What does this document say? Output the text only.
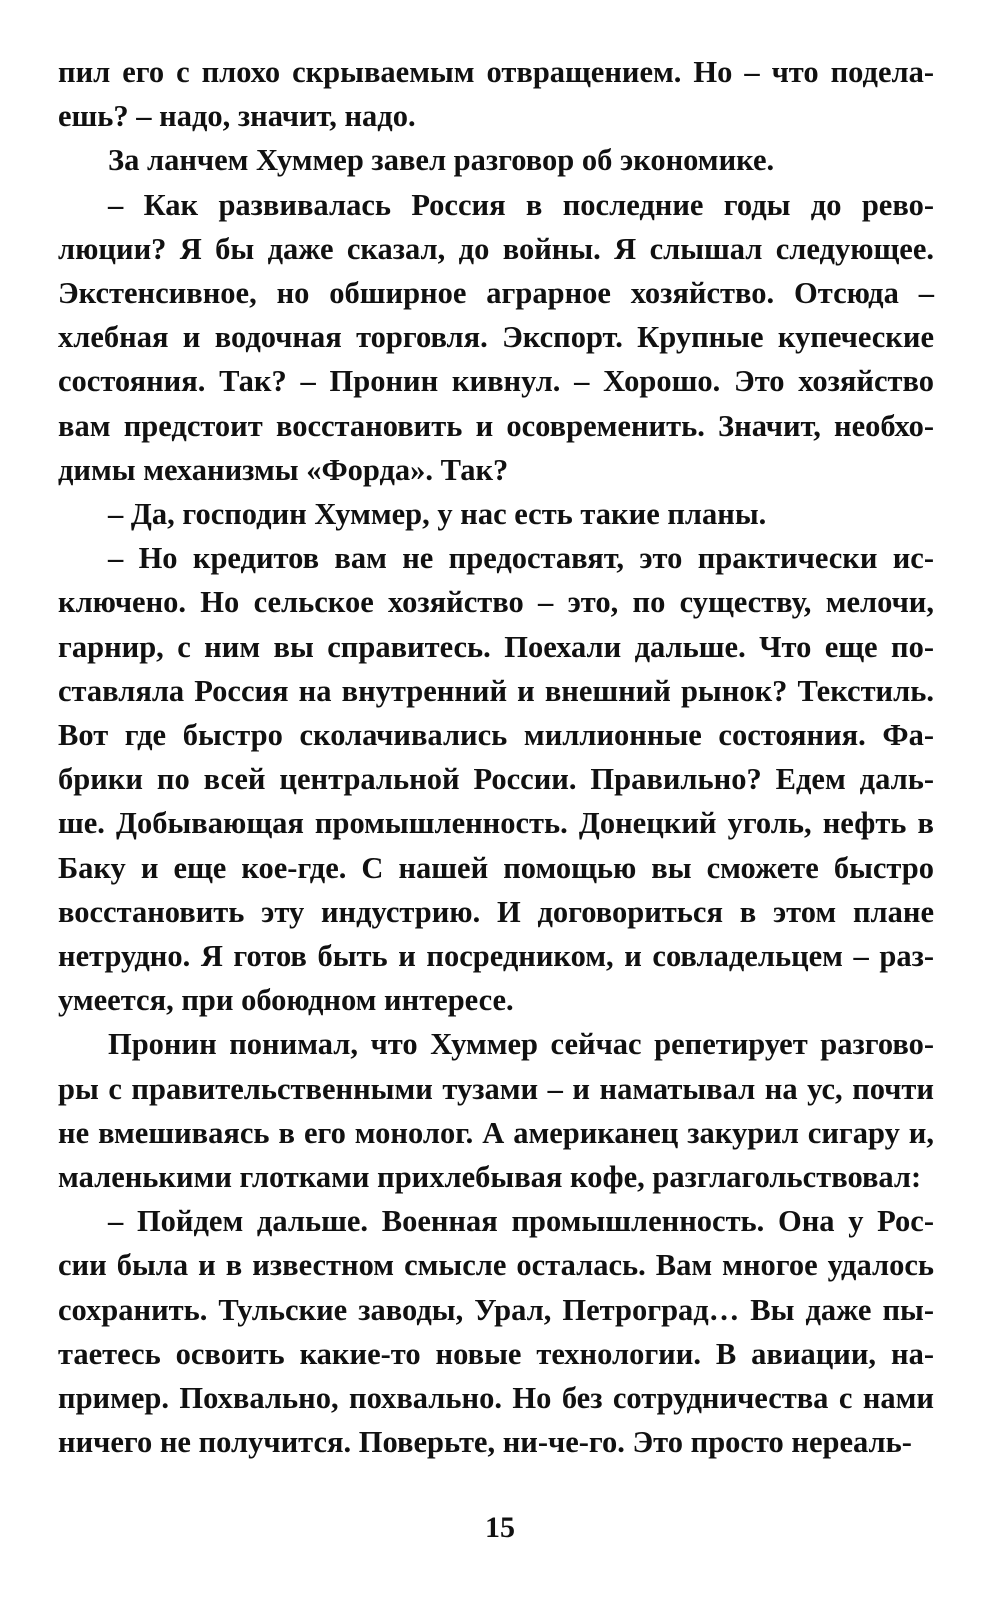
пил его с плохо скрываемым отвращением. Но – что подела-ешь? – надо, значит, надо.

За ланчем Хуммер завел разговор об экономике.

– Как развивалась Россия в последние годы до рево-люции? Я бы даже сказал, до войны. Я слышал следующее. Экстенсивное, но обширное аграрное хозяйство. Отсюда – хлебная и водочная торговля. Экспорт. Крупные купеческие состояния. Так? – Пронин кивнул. – Хорошо. Это хозяйство вам предстоит восстановить и осовременить. Значит, необхо-димы механизмы «Форда». Так?

– Да, господин Хуммер, у нас есть такие планы.

– Но кредитов вам не предоставят, это практически ис-ключено. Но сельское хозяйство – это, по существу, мелочи, гарнир, с ним вы справитесь. Поехали дальше. Что еще по-ставляла Россия на внутренний и внешний рынок? Текстиль. Вот где быстро сколачивались миллионные состояния. Фа-брики по всей центральной России. Правильно? Едем даль-ше. Добывающая промышленность. Донецкий уголь, нефть в Баку и еще кое-где. С нашей помощью вы сможете быстро восстановить эту индустрию. И договориться в этом плане нетрудно. Я готов быть и посредником, и совладельцем – раз-умеется, при обоюдном интересе.

Пронин понимал, что Хуммер сейчас репетирует разгово-ры с правительственными тузами – и наматывал на ус, почти не вмешиваясь в его монолог. А американец закурил сигару и, маленькими глотками прихлебывая кофе, разглагольствовал:

– Пойдем дальше. Военная промышленность. Она у Рос-сии была и в известном смысле осталась. Вам многое удалось сохранить. Тульские заводы, Урал, Петроград… Вы даже пы-таетесь освоить какие-то новые технологии. В авиации, на-пример. Похвально, похвально. Но без сотрудничества с нами ничего не получится. Поверьте, ни-че-го. Это просто нереаль-

15
